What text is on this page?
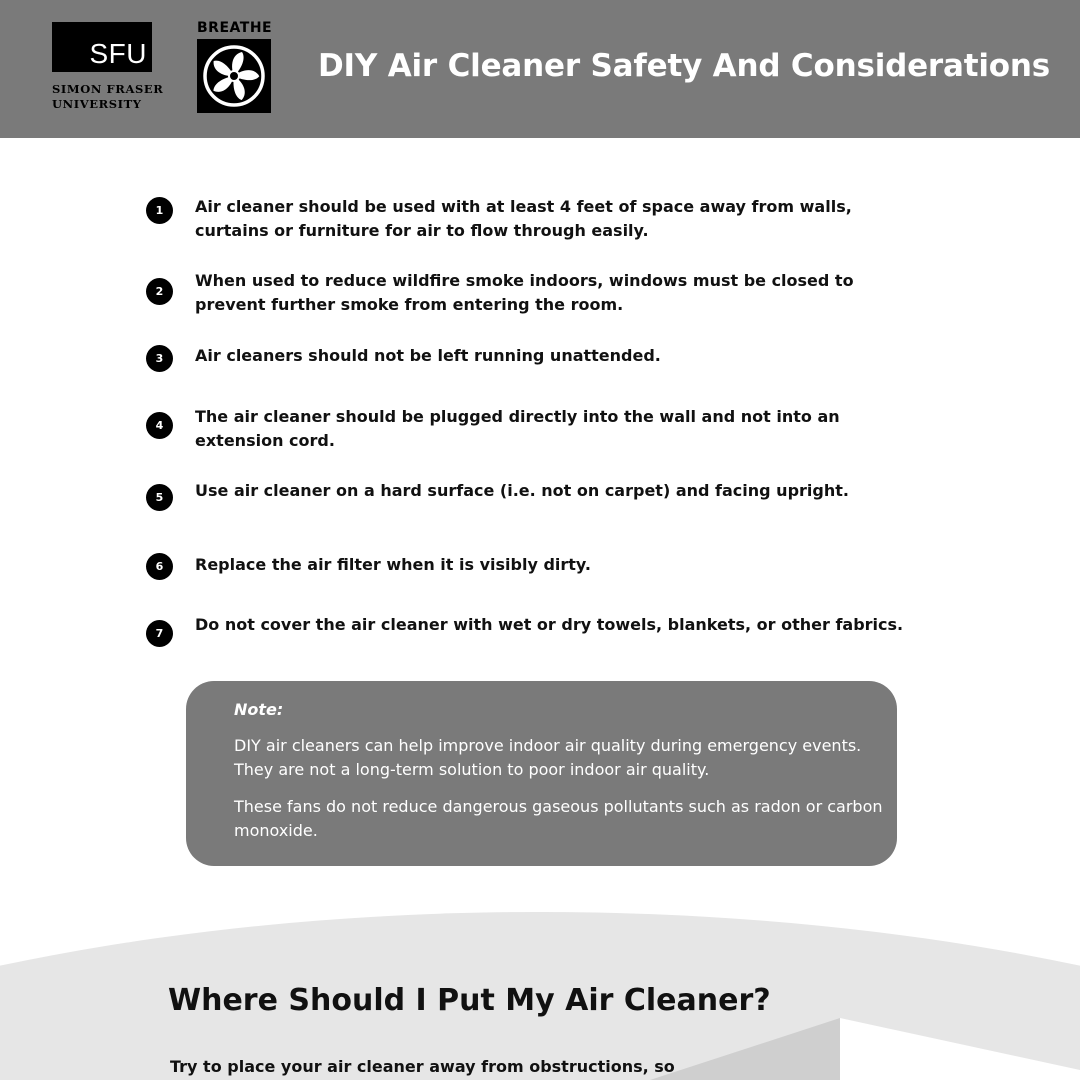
SFU
SIMON FRASER
UNIVERSITY
BREATHE
DIY Air Cleaner Safety And Considerations
1	Air cleaner should be used with at least 4 feet of space away from walls, curtains or furniture for air to flow through easily.
2
When used to reduce wildfire smoke indoors, windows must be closed to prevent further smoke from entering the room.
3	Air cleaners should not be left running unattended.
4	The air cleaner should be plugged directly into the wall and not into an extension cord.
5	Use air cleaner on a hard surface (i.e. not on carpet) and facing upright.
6	Replace the air filter when it is visibly dirty.
7	Do not cover the air cleaner with wet or dry towels, blankets, or other fabrics.
Note:
DIY air cleaners can help improve indoor air quality during emergency events. They are not a long-term solution to poor indoor air quality.
These fans do not reduce dangerous gaseous pollutants such as radon or carbon monoxide.
Where Should I Put My Air Cleaner?
Try to place your air cleaner away from obstructions, so
